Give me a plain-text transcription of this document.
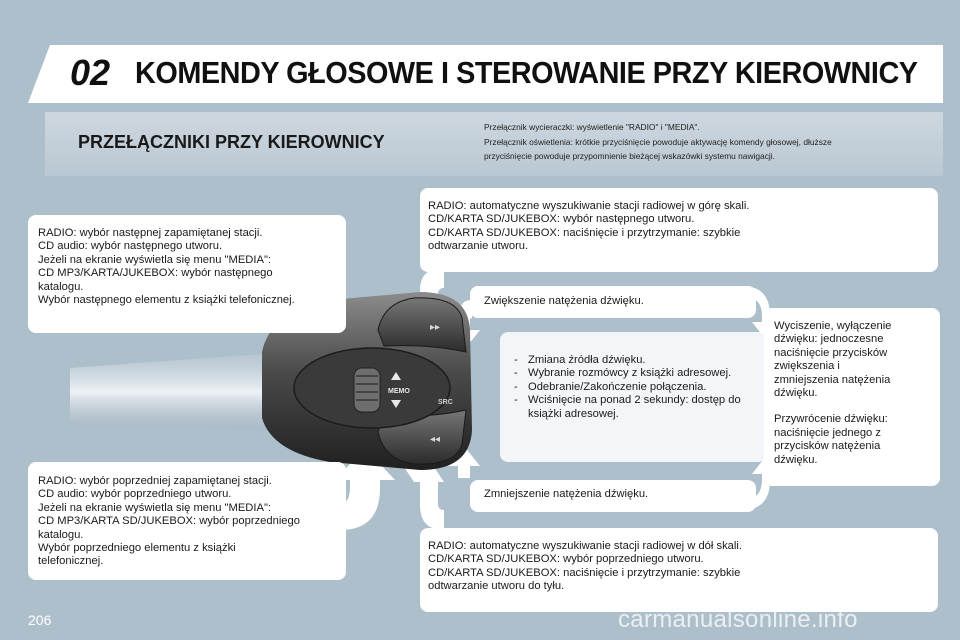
02 KOMENDY GŁOSOWE I STEROWANIE PRZY KIEROWNICY
PRZEŁĄCZNIKI PRZY KIEROWNICY

Przełącznik wycieraczki: wyświetlenie "RADIO" i "MEDIA".

Przełącznik oświetlenia: krótkie przyciśnięcie powoduje aktywację komendy głosowej, dłuższe

przyciśnięcie powoduje przypomnienie bieżącej wskazówki systemu nawigacji.

MEMO
SRC
▸▸
◂◂

RADIO: wybór następnej zapamiętanej stacji.

CD audio: wybór następnego utworu.

Jeżeli na ekranie wyświetla się menu "MEDIA":

CD MP3/KARTA/JUKEBOX: wybór następnego

katalogu.

Wybór następnego elementu z książki telefonicznej.

RADIO: automatyczne wyszukiwanie stacji radiowej w górę skali.

CD/KARTA SD/JUKEBOX: wybór następnego utworu.

CD/KARTA SD/JUKEBOX: naciśnięcie i przytrzymanie: szybkie

odtwarzanie utworu.

Zwiększenie natężenia dźwięku.

- Zmiana źródła dźwięku.
- Wybranie rozmówcy z książki adresowej.
- Odebranie/Zakończenie połączenia.
- Wciśnięcie na ponad 2 sekundy: dostęp do książki adresowej.

Zmniejszenie natężenia dźwięku.

Wyciszenie, wyłączenie

dźwięku: jednoczesne

naciśnięcie przycisków

zwiększenia i

zmniejszenia natężenia

dźwięku.

Przywrócenie dźwięku:

naciśnięcie jednego z

przycisków natężenia

dźwięku.

RADIO: wybór poprzedniej zapamiętanej stacji.

CD audio: wybór poprzedniego utworu.

Jeżeli na ekranie wyświetla się menu "MEDIA":

CD MP3/KARTA SD/JUKEBOX: wybór poprzedniego

katalogu.

Wybór poprzedniego elementu z książki

telefonicznej.

RADIO: automatyczne wyszukiwanie stacji radiowej w dół skali.

CD/KARTA SD/JUKEBOX: wybór poprzedniego utworu.

CD/KARTA SD/JUKEBOX: naciśnięcie i przytrzymanie: szybkie

odtwarzanie utworu do tyłu.

206	carmanualsonline.info
